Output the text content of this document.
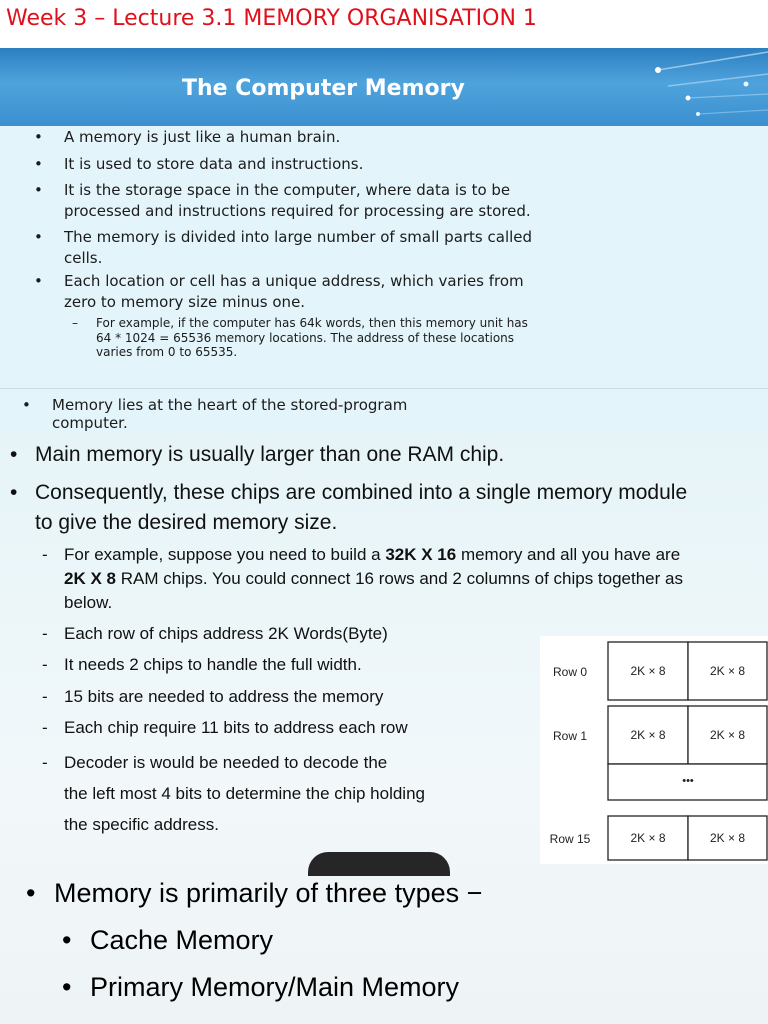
Week 3 – Lecture 3.1 MEMORY ORGANISATION 1
The Computer Memory
• A memory is just like a human brain.
• It is used to store data and instructions.
• It is the storage space in the computer, where data is to be
processed and instructions required for processing are stored.
• The memory is divided into large number of small parts called
cells.
• Each location or cell has a unique address, which varies from
zero to memory size minus one.
– For example, if the computer has 64k words, then this memory unit has
64 * 1024 = 65536 memory locations. The address of these locations
varies from 0 to 65535.
• Memory lies at the heart of the stored-program
computer.
• Main memory is usually larger than one RAM chip.
• Consequently, these chips are combined into a single memory module
to give the desired memory size.
- For example, suppose you need to build a 32K X 16 memory and all you have are
2K X 8 RAM chips. You could connect 16 rows and 2 columns of chips together as
below.
- Each row of chips address 2K Words(Byte)
- It needs 2 chips to handle the full width.
- 15 bits are needed to address the memory
- Each chip require 11 bits to address each row
- Decoder is would be needed to decode the
the left most 4 bits to determine the chip holding
the specific address.
• Memory is primarily of three types −
• Cache Memory
• Primary Memory/Main Memory
Row 0	2K × 8	2K × 8
Row 1	2K × 8	2K × 8
•••
Row 15	2K × 8	2K × 8
